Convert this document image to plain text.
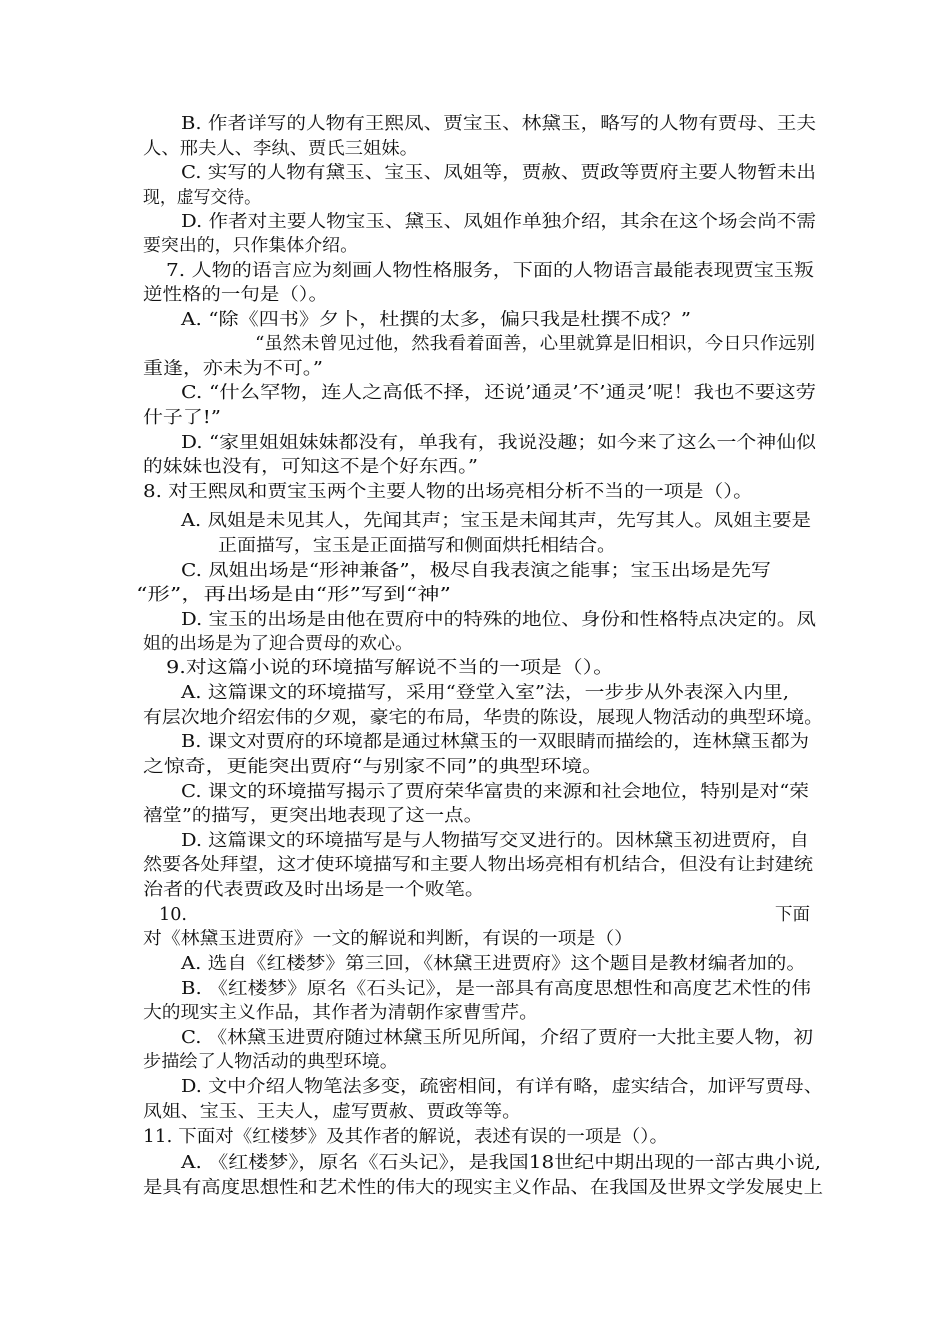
B. 作者详写的人物有王熙凤、贾宝玉、林黛玉，略写的人物有贾母、王夫

人、邢夫人、李纨、贾氏三姐妹。

C. 实写的人物有黛玉、宝玉、凤姐等，贾赦、贾政等贾府主要人物暂未出

现，虚写交待。

D. 作者对主要人物宝玉、黛玉、凤姐作单独介绍，其余在这个场会尚不需

要突出的，只作集体介绍。

7. 人物的语言应为刻画人物性格服务，下面的人物语言最能表现贾宝玉叛

逆性格的一句是（）。

A. “除《四书》夕卜，杜撰的太多，偏只我是杜撰不成？”

“虽然未曾见过他，然我看着面善，心里就算是旧相识，今日只作远别

重逢，亦未为不可。”

C. “什么罕物，连人之高低不择，还说’通灵’不’通灵’呢！我也不要这劳

什子了!”

D. “家里姐姐妹妹都没有，单我有，我说没趣；如今来了这么一个神仙似

的妹妹也没有，可知这不是个好东西。”

8. 对王熙凤和贾宝玉两个主要人物的出场亮相分析不当的一项是（）。

A. 凤姐是未见其人，先闻其声；宝玉是未闻其声，先写其人。凤姐主要是

正面描写，宝玉是正面描写和侧面烘托相结合。

C. 凤姐出场是“形神兼备”，极尽自我表演之能事；宝玉出场是先写

“形”，再出场是由“形”写到“神”

D. 宝玉的出场是由他在贾府中的特殊的地位、身份和性格特点决定的。凤

姐的出场是为了迎合贾母的欢心。

9.对这篇小说的环境描写解说不当的一项是（）。

A. 这篇课文的环境描写，采用“登堂入室”法，一步步从外表深入内里,

有层次地介绍宏伟的夕观，豪宅的布局，华贵的陈设，展现人物活动的典型环境。

B. 课文对贾府的环境都是通过林黛玉的一双眼睛而描绘的，连林黛玉都为

之惊奇，更能突出贾府“与别家不同”的典型环境。

C. 课文的环境描写揭示了贾府荣华富贵的来源和社会地位，特别是对“荣

禧堂”的描写，更突出地表现了这一点。

D. 这篇课文的环境描写是与人物描写交叉进行的。因林黛玉初进贾府，自

然要各处拜望，这才使环境描写和主要人物出场亮相有机结合，但没有让封建统

治者的代表贾政及时出场是一个败笔。

10.	下面

对《林黛玉进贾府》一文的解说和判断，有误的一项是（）

A. 选自《红楼梦》第三回，《林黛王进贾府》这个题目是教材编者加的。

B. 《红楼梦》原名《石头记》，是一部具有高度思想性和高度艺术性的伟

大的现实主义作品，其作者为清朝作家曹雪芹。

C. 《林黛玉进贾府随过林黛玉所见所闻，介绍了贾府一大批主要人物，初

步描绘了人物活动的典型环境。

D. 文中介绍人物笔法多变，疏密相间，有详有略，虚实结合，加评写贾母、

凤姐、宝玉、王夫人，虚写贾赦、贾政等等。

11. 下面对《红楼梦》及其作者的解说，表述有误的一项是（）。

A. 《红楼梦》，原名《石头记》，是我国18世纪中期出现的一部古典小说,

是具有高度思想性和艺术性的伟大的现实主义作品、在我国及世界文学发展史上
